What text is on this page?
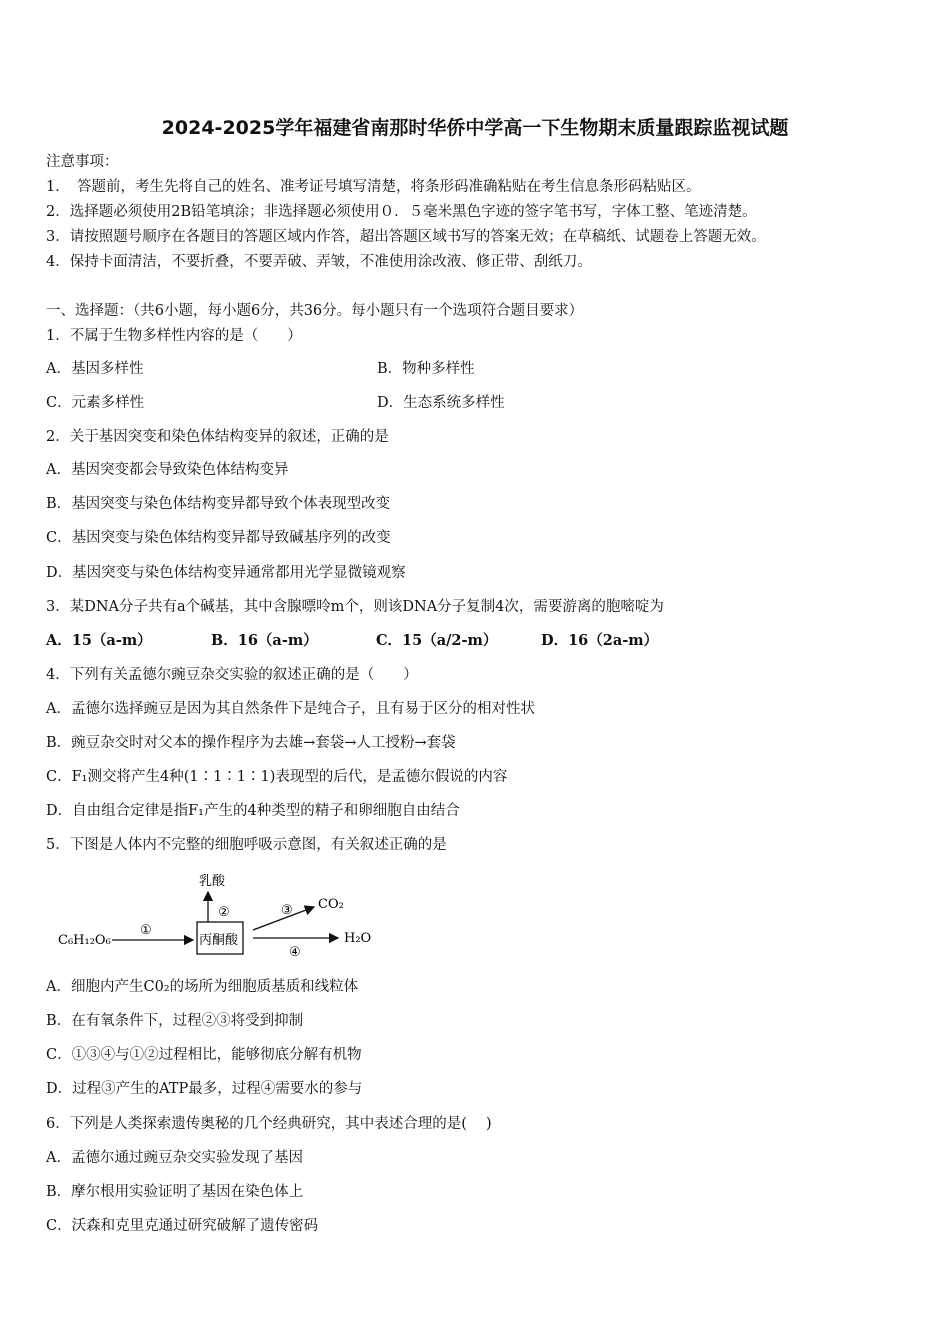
2024-2025学年福建省南那时华侨中学高一下生物期末质量跟踪监视试题
注意事项：
1．　答题前，考生先将自己的姓名、准考证号填写清楚，将条形码准确粘贴在考生信息条形码粘贴区。
2．选择题必须使用2B铅笔填涂；非选择题必须使用０．５毫米黑色字迹的签字笔书写，字体工整、笔迹清楚。
3．请按照题号顺序在各题目的答题区域内作答，超出答题区域书写的答案无效；在草稿纸、试题卷上答题无效。
4．保持卡面清洁，不要折叠，不要弄破、弄皱，不准使用涂改液、修正带、刮纸刀。
一、选择题：（共6小题，每小题6分，共36分。每小题只有一个选项符合题目要求）
1．不属于生物多样性内容的是（　　）
A．基因多样性	B．物种多样性
C．元素多样性	D．生态系统多样性
2．关于基因突变和染色体结构变异的叙述，正确的是
A．基因突变都会导致染色体结构变异
B．基因突变与染色体结构变异都导致个体表现型改变
C．基因突变与染色体结构变异都导致碱基序列的改变
D．基因突变与染色体结构变异通常都用光学显微镜观察
3．某DNA分子共有a个碱基，其中含腺嘌呤m个，则该DNA分子复制4次，需要游离的胞嘧啶为
A．15（a-m）	B．16（a-m）	C．15（a/2-m）	D．16（2a-m）
4．下列有关孟德尔豌豆杂交实验的叙述正确的是（　　）
A．孟德尔选择豌豆是因为其自然条件下是纯合子，且有易于区分的相对性状
B．豌豆杂交时对父本的操作程序为去雄→套袋→人工授粉→套袋
C．F₁测交将产生4种(1∶1∶1∶1)表现型的后代，是孟德尔假说的内容
D．自由组合定律是指F₁产生的4种类型的精子和卵细胞自由结合
5．下图是人体内不完整的细胞呼吸示意图，有关叙述正确的是
C₆H₁₂O₆
①
丙酮酸
乳酸
②	③ CO₂
④
H₂O
A．细胞内产生C0₂的场所为细胞质基质和线粒体
B．在有氧条件下，过程②③将受到抑制
C．①③④与①②过程相比，能够彻底分解有机物
D．过程③产生的ATP最多，过程④需要水的参与
6．下列是人类探索遗传奥秘的几个经典研究，其中表述合理的是(　 )
A．孟德尔通过豌豆杂交实验发现了基因
B．摩尔根用实验证明了基因在染色体上
C．沃森和克里克通过研究破解了遗传密码
